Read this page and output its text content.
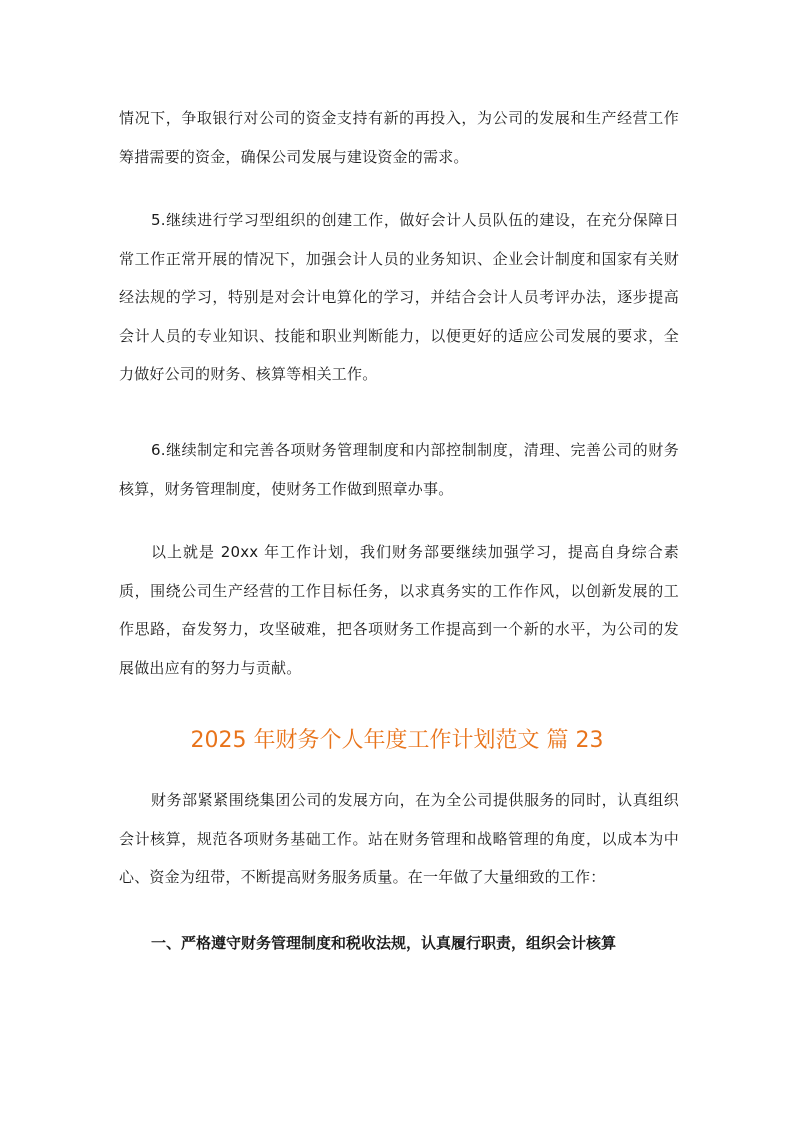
情况下，争取银行对公司的资金支持有新的再投入，为公司的发展和生产经营工作筹措需要的资金，确保公司发展与建设资金的需求。

5.继续进行学习型组织的创建工作，做好会计人员队伍的建设，在充分保障日常工作正常开展的情况下，加强会计人员的业务知识、企业会计制度和国家有关财经法规的学习，特别是对会计电算化的学习，并结合会计人员考评办法，逐步提高会计人员的专业知识、技能和职业判断能力，以便更好的适应公司发展的要求，全力做好公司的财务、核算等相关工作。

6.继续制定和完善各项财务管理制度和内部控制制度，清理、完善公司的财务核算，财务管理制度，使财务工作做到照章办事。

以上就是 20xx 年工作计划，我们财务部要继续加强学习，提高自身综合素质，围绕公司生产经营的工作目标任务，以求真务实的工作作风，以创新发展的工作思路，奋发努力，攻坚破难，把各项财务工作提高到一个新的水平，为公司的发展做出应有的努力与贡献。

2025 年财务个人年度工作计划范文 篇 23

财务部紧紧围绕集团公司的发展方向，在为全公司提供服务的同时，认真组织会计核算，规范各项财务基础工作。站在财务管理和战略管理的角度，以成本为中心、资金为纽带，不断提高财务服务质量。在一年做了大量细致的工作：

一、严格遵守财务管理制度和税收法规，认真履行职责，组织会计核算
